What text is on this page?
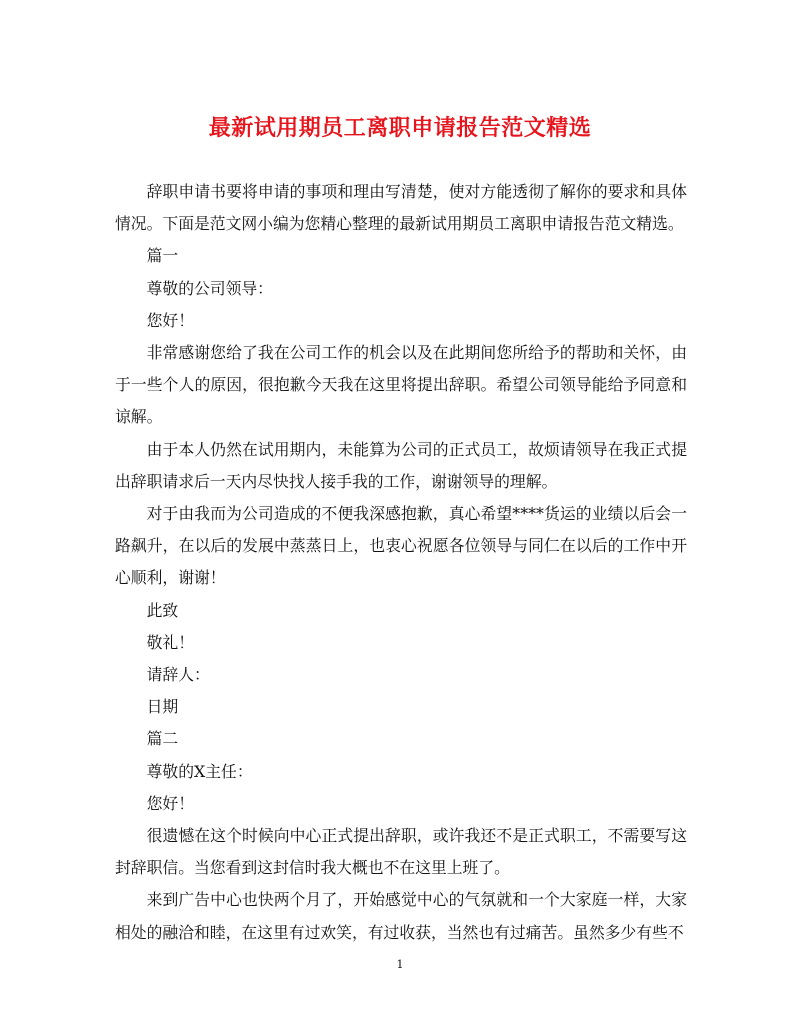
最新试用期员工离职申请报告范文精选

辞职申请书要将申请的事项和理由写清楚，使对方能透彻了解你的要求和具体情况。下面是范文网小编为您精心整理的最新试用期员工离职申请报告范文精选。

篇一

尊敬的公司领导：

您好！

非常感谢您给了我在公司工作的机会以及在此期间您所给予的帮助和关怀，由于一些个人的原因，很抱歉今天我在这里将提出辞职。希望公司领导能给予同意和谅解。

由于本人仍然在试用期内，未能算为公司的正式员工，故烦请领导在我正式提出辞职请求后一天内尽快找人接手我的工作，谢谢领导的理解。

对于由我而为公司造成的不便我深感抱歉，真心希望****货运的业绩以后会一路飙升，在以后的发展中蒸蒸日上，也衷心祝愿各位领导与同仁在以后的工作中开心顺利，谢谢！

此致

敬礼！

请辞人：

日期

篇二

尊敬的X主任：

您好！

很遗憾在这个时候向中心正式提出辞职，或许我还不是正式职工，不需要写这封辞职信。当您看到这封信时我大概也不在这里上班了。

来到广告中心也快两个月了，开始感觉中心的气氛就和一个大家庭一样，大家相处的融洽和睦，在这里有过欢笑，有过收获，当然也有过痛苦。虽然多少有些不

1
